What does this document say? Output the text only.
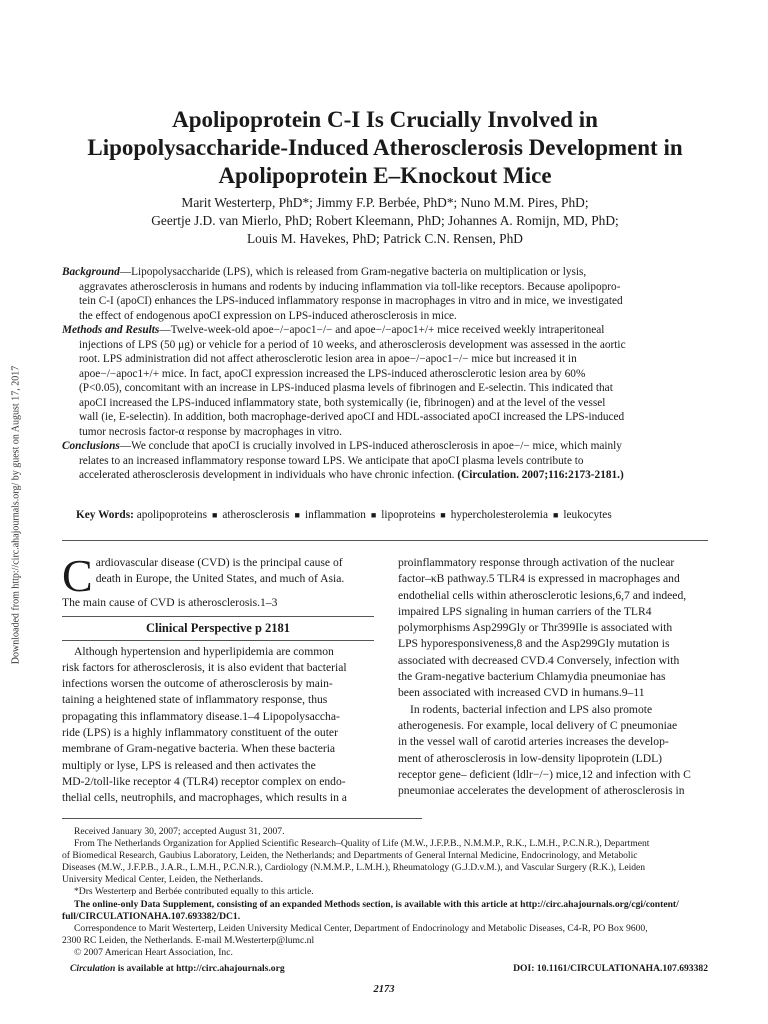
Downloaded from http://circ.ahajournals.org/ by guest on August 17, 2017
Apolipoprotein C-I Is Crucially Involved in
Lipopolysaccharide-Induced Atherosclerosis Development in
Apolipoprotein E–Knockout Mice
Marit Westerterp, PhD*; Jimmy F.P. Berbée, PhD*; Nuno M.M. Pires, PhD;
Geertje J.D. van Mierlo, PhD; Robert Kleemann, PhD; Johannes A. Romijn, MD, PhD;
Louis M. Havekes, PhD; Patrick C.N. Rensen, PhD
Background—Lipopolysaccharide (LPS), which is released from Gram-negative bacteria on multiplication or lysis,
aggravates atherosclerosis in humans and rodents by inducing inflammation via toll-like receptors. Because apolipopro-
tein C-I (apoCI) enhances the LPS-induced inflammatory response in macrophages in vitro and in mice, we investigated
the effect of endogenous apoCI expression on LPS-induced atherosclerosis in mice.
Methods and Results—Twelve-week-old apoe−/−apoc1−/− and apoe−/−apoc1+/+ mice received weekly intraperitoneal
injections of LPS (50 μg) or vehicle for a period of 10 weeks, and atherosclerosis development was assessed in the aortic
root. LPS administration did not affect atherosclerotic lesion area in apoe−/−apoc1−/− mice but increased it in
apoe−/−apoc1+/+ mice. In fact, apoCI expression increased the LPS-induced atherosclerotic lesion area by 60%
(P<0.05), concomitant with an increase in LPS-induced plasma levels of fibrinogen and E-selectin. This indicated that
apoCI increased the LPS-induced inflammatory state, both systemically (ie, fibrinogen) and at the level of the vessel
wall (ie, E-selectin). In addition, both macrophage-derived apoCI and HDL-associated apoCI increased the LPS-induced
tumor necrosis factor-α response by macrophages in vitro.
Conclusions—We conclude that apoCI is crucially involved in LPS-induced atherosclerosis in apoe−/− mice, which mainly
relates to an increased inflammatory response toward LPS. We anticipate that apoCI plasma levels contribute to
accelerated atherosclerosis development in individuals who have chronic infection. (Circulation. 2007;116:2173-2181.)
Key Words: apolipoproteins ■ atherosclerosis ■ inflammation ■ lipoproteins ■ hypercholesterolemia ■ leukocytes
C ardiovascular disease (CVD) is the principal cause of
death in Europe, the United States, and much of Asia.
The main cause of CVD is atherosclerosis.1–3
Clinical Perspective p 2181
Although hypertension and hyperlipidemia are common
risk factors for atherosclerosis, it is also evident that bacterial
infections worsen the outcome of atherosclerosis by main-
taining a heightened state of inflammatory response, thus
propagating this inflammatory disease.1–4 Lipopolysaccha-
ride (LPS) is a highly inflammatory constituent of the outer
membrane of Gram-negative bacteria. When these bacteria
multiply or lyse, LPS is released and then activates the
MD-2/toll-like receptor 4 (TLR4) receptor complex on endo-
thelial cells, neutrophils, and macrophages, which results in a
proinflammatory response through activation of the nuclear
factor–κB pathway.5 TLR4 is expressed in macrophages and
endothelial cells within atherosclerotic lesions,6,7 and indeed,
impaired LPS signaling in human carriers of the TLR4
polymorphisms Asp299Gly or Thr399Ile is associated with
LPS hyporesponsiveness,8 and the Asp299Gly mutation is
associated with decreased CVD.4 Conversely, infection with
the Gram-negative bacterium Chlamydia pneumoniae has
been associated with increased CVD in humans.9–11
In rodents, bacterial infection and LPS also promote
atherogenesis. For example, local delivery of C pneumoniae
in the vessel wall of carotid arteries increases the develop-
ment of atherosclerosis in low-density lipoprotein (LDL)
receptor gene– deficient (ldlr−/−) mice,12 and infection with C
pneumoniae accelerates the development of atherosclerosis in
Received January 30, 2007; accepted August 31, 2007.
From The Netherlands Organization for Applied Scientific Research–Quality of Life (M.W., J.F.P.B., N.M.M.P., R.K., L.M.H., P.C.N.R.), Department
of Biomedical Research, Gaubius Laboratory, Leiden, the Netherlands; and Departments of General Internal Medicine, Endocrinology, and Metabolic
Diseases (M.W., J.F.P.B., J.A.R., L.M.H., P.C.N.R.), Cardiology (N.M.M.P., L.M.H.), Rheumatology (G.J.D.v.M.), and Vascular Surgery (R.K.), Leiden
University Medical Center, Leiden, the Netherlands.
*Drs Westerterp and Berbée contributed equally to this article.
The online-only Data Supplement, consisting of an expanded Methods section, is available with this article at http://circ.ahajournals.org/cgi/content/
full/CIRCULATIONAHA.107.693382/DC1.
Correspondence to Marit Westerterp, Leiden University Medical Center, Department of Endocrinology and Metabolic Diseases, C4-R, PO Box 9600,
2300 RC Leiden, the Netherlands. E-mail M.Westerterp@lumc.nl
© 2007 American Heart Association, Inc.
Circulation is available at http://circ.ahajournals.org	DOI: 10.1161/CIRCULATIONAHA.107.693382
2173
